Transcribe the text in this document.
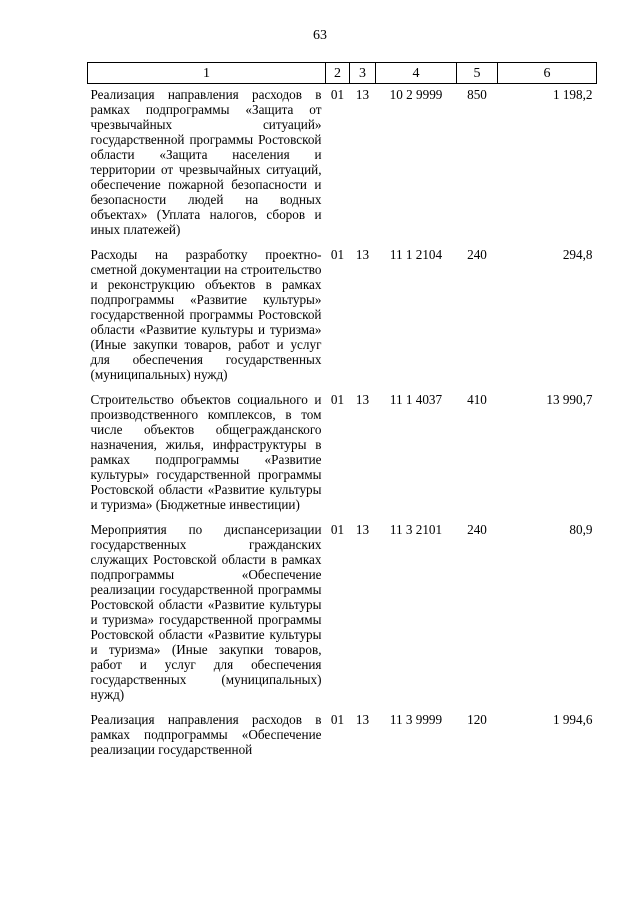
63
1	2	3	4	5	6
Реализация направления расходов в рамках подпрограммы «Защита от чрезвычайных ситуаций» государственной программы Ростовской области «Защита населения и территории от чрезвычайных ситуаций, обеспечение пожарной безопасности и безопасности людей на водных объектах» (Уплата налогов, сборов и иных платежей)	01	13	10 2 9999	850	1 198,2
Расходы на разработку проектно-сметной документации на строительство и реконструкцию объектов в рамках подпрограммы «Развитие культуры» государственной программы Ростовской области «Развитие культуры и туризма» (Иные закупки товаров, работ и услуг для обеспечения государственных (муниципальных) нужд)	01	13	11 1 2104	240	294,8
Строительство объектов социального и производственного комплексов, в том числе объектов общегражданского назначения, жилья, инфраструктуры в рамках подпрограммы «Развитие культуры» государственной программы Ростовской области «Развитие культуры и туризма» (Бюджетные инвестиции)	01	13	11 1 4037	410	13 990,7
Мероприятия по диспансеризации государственных гражданских служащих Ростовской области в рамках подпрограммы «Обеспечение реализации государственной программы Ростовской области «Развитие культуры и туризма» государственной программы Ростовской области «Развитие культуры и туризма» (Иные закупки товаров, работ и услуг для обеспечения государственных (муниципальных) нужд)	01	13	11 3 2101	240	80,9
Реализация направления расходов в рамках подпрограммы «Обеспечение реализации государственной	01	13	11 3 9999	120	1 994,6
